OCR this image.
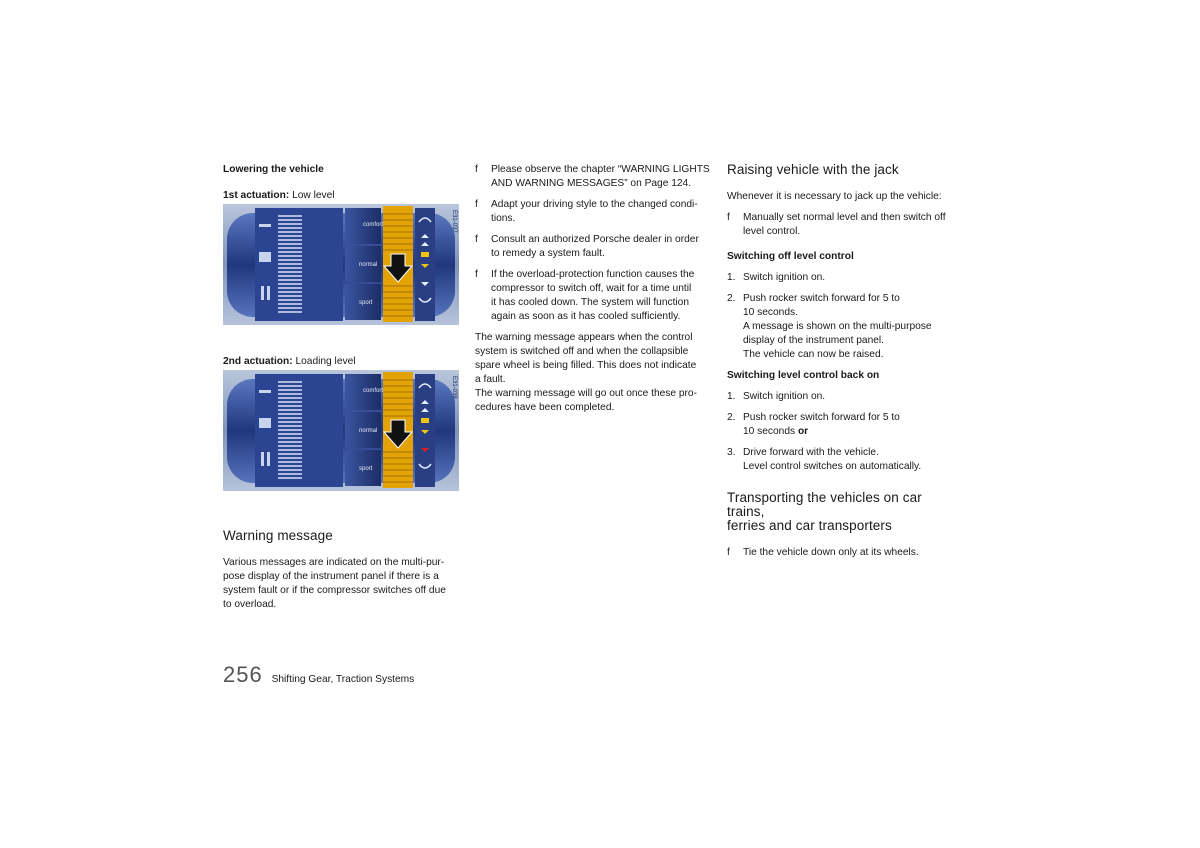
Lowering the vehicle

1st actuation: Low level

comfort
normal
sport
E31-037

2nd actuation: Loading level

comfort
normal
sport
E31-038

Warning message

Various messages are indicated on the multi-pur-
pose display of the instrument panel if there is a
system fault or if the compressor switches off due
to overload.
f Please observe the chapter “WARNING LIGHTS
AND WARNING MESSAGES” on Page 124.
f Adapt your driving style to the changed condi-
tions.
f Consult an authorized Porsche dealer in order
to remedy a system fault.
f If the overload-protection function causes the
compressor to switch off, wait for a time until
it has cooled down. The system will function
again as soon as it has cooled sufficiently.
The warning message appears when the control
system is switched off and when the collapsible
spare wheel is being filled. This does not indicate
a fault.
The warning message will go out once these pro-
cedures have been completed.

Raising vehicle with the jack

Whenever it is necessary to jack up the vehicle:

f Manually set normal level and then switch off
level control.

Switching off level control

1. Switch ignition on.
2. Push rocker switch forward for 5 to
10 seconds.
A message is shown on the multi-purpose
display of the instrument panel.
The vehicle can now be raised.

Switching level control back on

1. Switch ignition on.
2. Push rocker switch forward for 5 to
10 seconds or
3. Drive forward with the vehicle.
Level control switches on automatically.

Transporting the vehicles on car trains,

ferries and car transporters

f Tie the vehicle down only at its wheels.
256 Shifting Gear, Traction Systems
